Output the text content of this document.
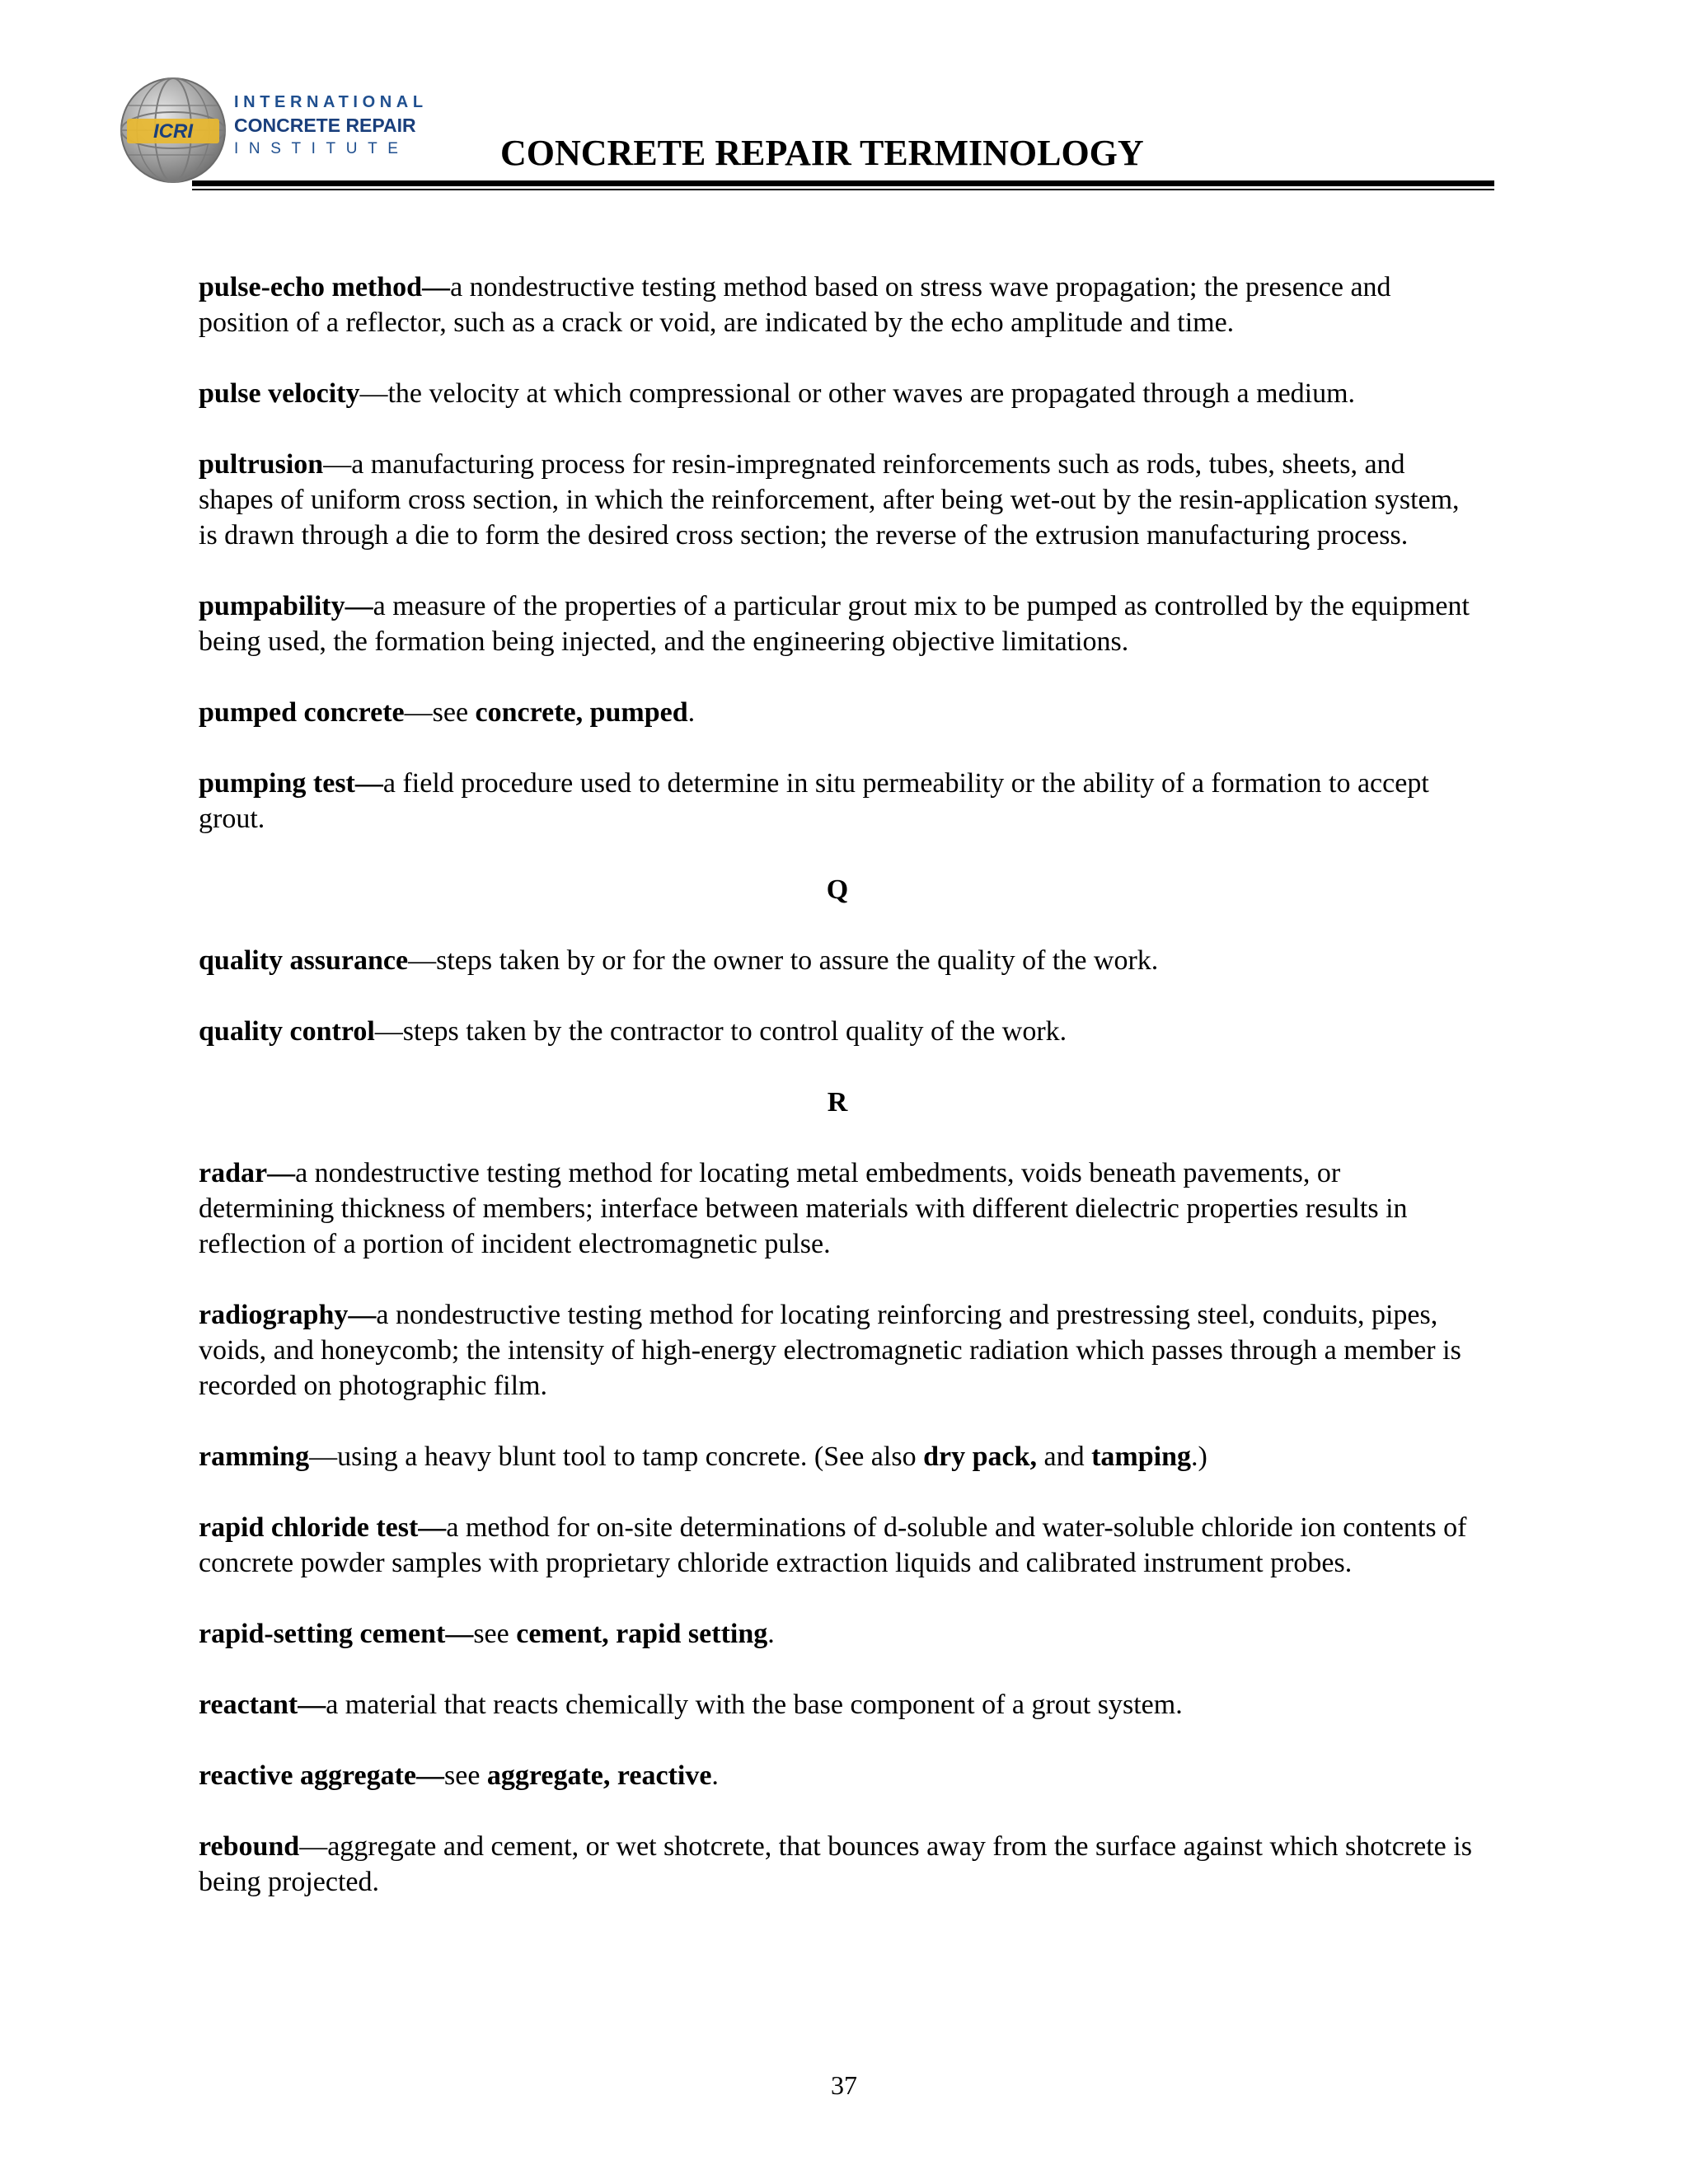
ICRI
INTERNATIONAL
CONCRETE REPAIR
INSTITUTE	CONCRETE REPAIR TERMINOLOGY

pulse-echo method—a nondestructive testing method based on stress wave propagation; the presence and position of a reflector, such as a crack or void, are indicated by the echo amplitude and time.

pulse velocity—the velocity at which compressional or other waves are propagated through a medium.

pultrusion—a manufacturing process for resin-impregnated reinforcements such as rods, tubes, sheets, and shapes of uniform cross section, in which the reinforcement, after being wet-out by the resin-application system, is drawn through a die to form the desired cross section; the reverse of the extrusion manufacturing process.

pumpability—a measure of the properties of a particular grout mix to be pumped as controlled by the equipment being used, the formation being injected, and the engineering objective limitations.

pumped concrete—see concrete, pumped.

pumping test—a field procedure used to determine in situ permeability or the ability of a formation to accept grout.

Q

quality assurance—steps taken by or for the owner to assure the quality of the work.

quality control—steps taken by the contractor to control quality of the work.

R

radar—a nondestructive testing method for locating metal embedments, voids beneath pavements, or determining thickness of members; interface between materials with different dielectric properties results in reflection of a portion of incident electromagnetic pulse.

radiography—a nondestructive testing method for locating reinforcing and prestressing steel, conduits, pipes, voids, and honeycomb; the intensity of high-energy electromagnetic radiation which passes through a member is recorded on photographic film.

ramming—using a heavy blunt tool to tamp concrete. (See also dry pack, and tamping.)

rapid chloride test—a method for on-site determinations of d-soluble and water-soluble chloride ion contents of concrete powder samples with proprietary chloride extraction liquids and calibrated instrument probes.

rapid-setting cement—see cement, rapid setting.

reactant—a material that reacts chemically with the base component of a grout system.

reactive aggregate—see aggregate, reactive.

rebound—aggregate and cement, or wet shotcrete, that bounces away from the surface against which shotcrete is being projected.

37
